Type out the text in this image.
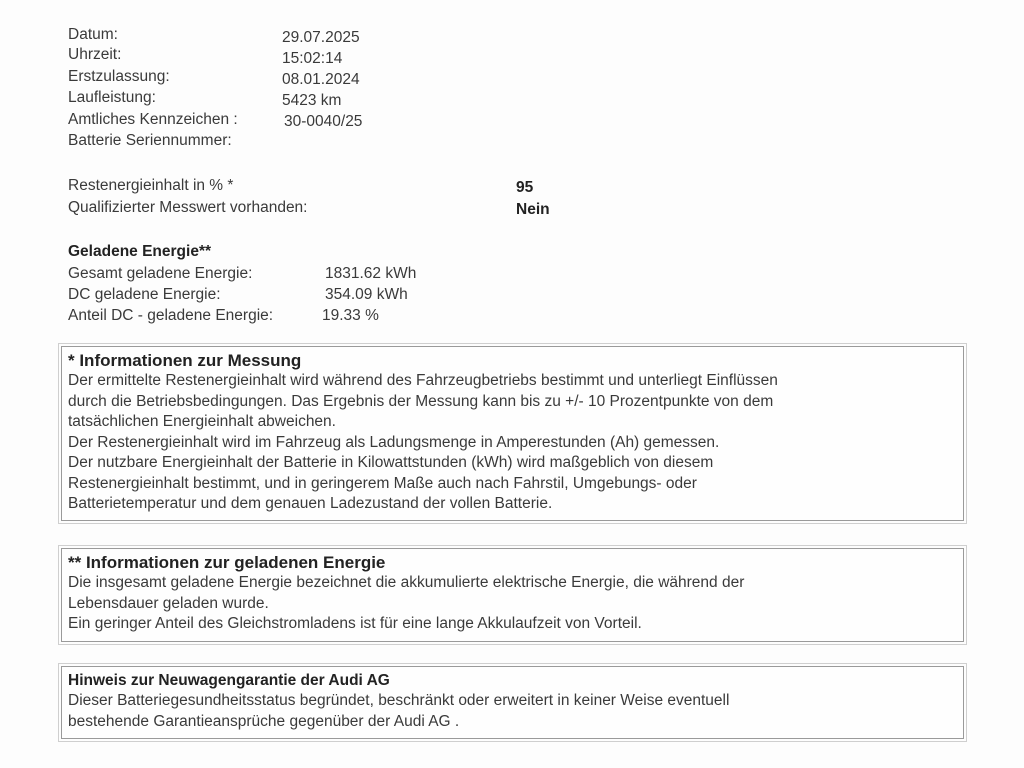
Datum:	29.07.2025
Uhrzeit:	15:02:14
Erstzulassung:	08.01.2024
Laufleistung:	5423 km
Amtliches Kennzeichen :	30-0040/25
Batterie Seriennummer:
Restenergieinhalt in % *	95
Qualifizierter Messwert vorhanden:	Nein
Geladene Energie**
Gesamt geladene Energie:	1831.62 kWh
DC geladene Energie:	354.09 kWh
Anteil DC - geladene Energie:	19.33 %
* Informationen zur Messung
Der ermittelte Restenergieinhalt wird während des Fahrzeugbetriebs bestimmt und unterliegt Einflüssen
durch die Betriebsbedingungen. Das Ergebnis der Messung kann bis zu +/- 10 Prozentpunkte von dem
tatsächlichen Energieinhalt abweichen.
Der Restenergieinhalt wird im Fahrzeug als Ladungsmenge in Amperestunden (Ah) gemessen.
Der nutzbare Energieinhalt der Batterie in Kilowattstunden (kWh) wird maßgeblich von diesem
Restenergieinhalt bestimmt, und in geringerem Maße auch nach Fahrstil, Umgebungs- oder
Batterietemperatur und dem genauen Ladezustand der vollen Batterie.
** Informationen zur geladenen Energie
Die insgesamt geladene Energie bezeichnet die akkumulierte elektrische Energie, die während der
Lebensdauer geladen wurde.
Ein geringer Anteil des Gleichstromladens ist für eine lange Akkulaufzeit von Vorteil.
Hinweis zur Neuwagengarantie der Audi AG
Dieser Batteriegesundheitsstatus begründet, beschränkt oder erweitert in keiner Weise eventuell
bestehende Garantieansprüche gegenüber der Audi AG .
